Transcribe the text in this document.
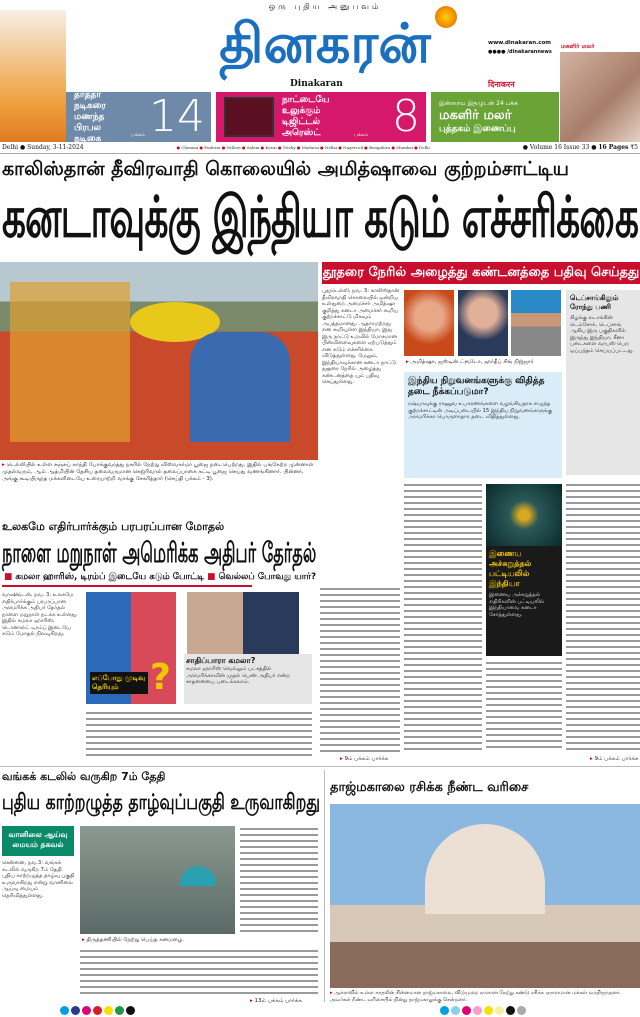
ஒரு புதிய அனுபவம்
தினகரன்
Dinakaran	दिनाकरन
www.dinakaran.com
●●●● /dinakarannews
மகளிர் மலர்
தாத்தா நடிகரை மணந்த பிரபல நடிகை	பக்கம் 14	நாட்டையே உலுக்கும் டிஜிட்டல் அரெஸ்ட்	பக்கம் 8	இன்றைய இதழுடன் 24 பக்க
மகளிர் மலர்
புத்தகம் இணைப்பு
Delhi ● Sunday, 3-11-2024	● Chennai ● Puduvai ● Vellore ● Salem ● Kovai ● Trichy ● Madurai ● Nellai ● Nagercoil ● Bengaluru ● Mumbai ● Delhi	● Volume 16 Issue 33 ● 16 Pages
₹5
காலிஸ்தான் தீவிரவாதி கொலையில் அமித்ஷாவை குற்றம்சாட்டிய
கனடாவுக்கு இந்தியா கடும் எச்சரிக்கை
▸ டெல்லியில் உள்ள சஞ்சய் காந்தி போக்குவரத்து நகரில் நேற்று விஸ்வகர்மா பூஜை நடைபெற்றது. இதில் பங்கேற்ற முன்னாள் முதல்வரும், ஆம் ஆத்மியின் தேசிய தலைவருமான கெஜ்ரிவால் தலைப்பாகை கட்டி பூஜை செய்து வணங்கினார். பின்னர், அங்கு கூடியிருந்த மக்களிடையே உரையாற்றி வாக்கு சேகரித்தார் (செய்தி பக்கம் - 3).
தூதரை நேரில் அழைத்து கண்டனத்தை பதிவு செய்தது
புதுடெல்லி, நவ. 3: காலிஸ்தான் தீவிரவாதி கொலையில் ஒன்றிய உள்துறை அமைச்சர் அமித்ஷா குறித்து கனடா அமைச்சர் கூறிய குற்றச்சாட்டு மிகவும் அபத்தமானது. ஆதாரமற்றது என கூறியுள்ள இந்தியா, இது இரு நாட்டு உறவில் மோசமான பின்விளைவுகளை ஏற்படுத்தும் என கடும் எச்சரிக்கை விடுத்துள்ளது. மேலும், இந்தியாவுக்கான கனடா நாட்டு தூதரை நேரில் அழைத்து கண்டனத்தை யும் பதிவு செய்துள்ளது.
▸ அமித்ஷா, ஜஸ்டின் ட்ரூடோ, ஹர்தீப் சிங் நிஜ்ஜார்
இந்திய நிறுவனங்களுக்கு விதித்த தடை நீக்கப்படுமா?
ரஷ்யாவுக்கு ராணுவ உபகரணங்களை வழங்கியதாக எழுந்த குற்றச்சாட்டின் அடிப்படையில் 15 இந்திய நிறுவனங்களுக்கு அமெரிக்கா பொருளாதார தடை விதித்துள்ளது.
டெப்சாங்கிலும் ரோந்து பணி
கிழக்கு லடாக்கின் டெம்சோக், டெப்சாங் ஆகிய இரு பகுதிகளில் இருந்து இந்தியா, சீனா படைகளை வாபஸ் பெற ஒப்பந்தம் செய்யப்பட்டது.
உலகமே எதிர்பார்க்கும் பரபரப்பான மோதல்
நாளை மறுநாள் அமெரிக்க அதிபர் தேர்தல்
■ கமலா ஹாரிஸ், டிரம்ப் இடையே கடும் போட்டி ■ வெல்லப் போவது யார்?
வாஷிங்டன், நவ. 3: உலகமே எதிர்பார்க்கும் பரபரப்பான அமெரிக்க அதிபர் தேர்தல் நாளை மறுநாள் நடக்க உள்ளது. இதில் கமலா ஹாரிஸ், டொனால்ட் டிரம்ப் இடையே கடும் மோதல் நிலவுகிறது.
?
எப்போது முடிவு தெரியும்
சாதிப்பாரா கமலா?
கமலா ஹாரிஸ் வெல்லும் பட்சத்தில் அமெரிக்காவின் முதல் பெண் அதிபர் என்ற சாதனையை படைக்கலாம்.
▸ 9ம் பக்கம் பார்க்க
இணைய அச்சுறுத்தல் பட்டியலில் இந்தியா
இணைய அச்சுறுத்தல் எதிரிகளின் பட்டியலில் இந்தியாவை கனடா சேர்த்துள்ளது.
▸ 9ம் பக்கம் பார்க்க
வங்கக் கடலில் வருகிற 7ம் தேதி
புதிய காற்றழுத்த தாழ்வுப்பகுதி உருவாகிறது
வானிலை ஆய்வு மையம் தகவல்
சென்னை, நவ.3: வங்கக் கடலில் வருகிற 7ம் தேதி புதிய காற்றழுத்த தாழ்வு பகுதி உருவாகிறது என்று வானிலை ஆய்வு மையம் தெரிவித்துள்ளது.
▸ திருத்தணியில் நேற்று பெய்த கனமழை.
▸ 13ம் பக்கம் பார்க்க
தாஜ்மகாலை ரசிக்க நீண்ட வரிசை
▸ ஆக்ராவில் உள்ள காதலின் சின்னமான தாஜ்மகாலை, விடுமுறை நாளான நேற்று கண்டு ரசிக்க ஏராளமான மக்கள் வந்திருந்தனர். அவர்கள் நீண்ட வரிசையில் நின்று தாஜ்மகாலுக்கு சென்றனர்.
